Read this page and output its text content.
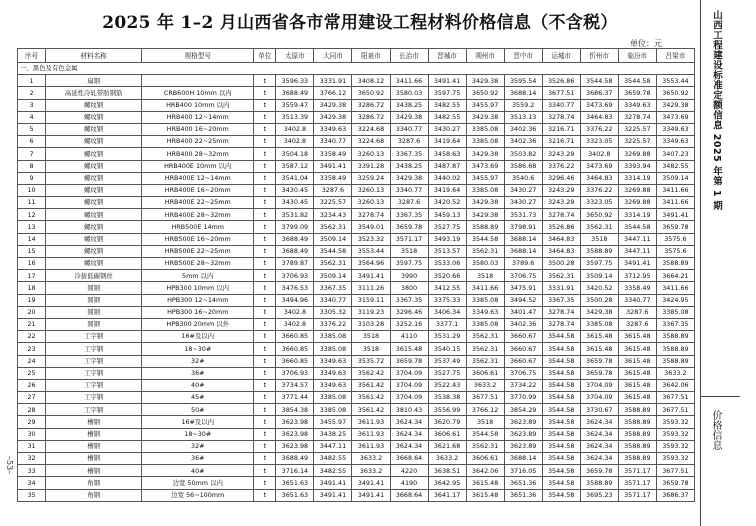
2025 年 1–2 月山西省各市常用建设工程材料价格信息（不含税）
单位：元	山西工程建设标准定额信息 2025 年第 1 期
价格信息
–53–
序号	材料名称	规格型号	单位	太原市	大同市	阳泉市	长治市	晋城市	朔州市	晋中市	运城市	忻州市	临汾市	吕梁市
一、黑色及有色金属														
1	扁钢		t	3596.33	3331.91	3408.12	3411.66	3491.41	3429.38	3595.54	3526.86	3544.58	3544.58	3553.44
2	高延性冷轧带肋钢筋	CRB600H 10mm 以内	t	3688.49	3766.12	3650.92	3580.03	3597.75	3650.92	3688.14	3677.51	3686.37	3659.78	3650.92
3	螺纹钢	HRB400 10mm 以内	t	3559.47	3429.38	3286.72	3438.25	3482.55	3455.97	3559.2	3340.77	3473.69	3349.63	3429.38
4	螺纹钢	HRB400 12~14mm	t	3513.39	3429.38	3286.72	3429.38	3482.55	3429.38	3513.13	3278.74	3464.83	3278.74	3473.69
5	螺纹钢	HRB400 16~20mm	t	3402.8	3349.63	3224.68	3340.77	3430.27	3385.08	3402.36	3216.71	3376.22	3225.57	3349.63
6	螺纹钢	HRB400 22~25mm	t	3402.8	3340.77	3224.68	3287.6	3419.64	3385.08	3402.36	3216.71	3323.05	3225.57	3349.63
7	螺纹钢	HRB400 28~32mm	t	3504.18	3358.49	3260.13	3367.35	3458.63	3429.38	3503.82	3243.29	3402.8	3269.88	3407.23
8	螺纹钢	HRB400E 10mm 以内	t	3587.12	3491.41	3391.28	3438.25	3487.87	3473.69	3586.68	3376.22	3473.69	3393.94	3482.55
9	螺纹钢	HRB400E 12~14mm	t	3541.04	3358.49	3259.24	3429.38	3440.02	3455.97	3540.6	3296.46	3464.83	3314.19	3509.14
10	螺纹钢	HRB400E 16~20mm	t	3430.45	3287.6	3260.13	3340.77	3419.64	3385.08	3430.27	3243.29	3376.22	3269.88	3411.66
11	螺纹钢	HRB400E 22~25mm	t	3430.45	3225.57	3260.13	3287.6	3420.52	3429.38	3430.27	3243.29	3323.05	3269.88	3411.66
12	螺纹钢	HRB400E 28~32mm	t	3531.82	3234.43	3278.74	3367.35	3459.13	3429.38	3531.73	3278.74	3650.92	3314.19	3491.41
13	螺纹钢	HRB500E 14mm	t	3799.09	3562.31	3549.01	3659.78	3527.75	3588.89	3798.91	3526.86	3562.31	3544.58	3659.78
14	螺纹钢	HRB500E 16~20mm	t	3688.49	3509.14	3523.32	3571.17	3493.19	3544.58	3688.14	3464.83	3518	3447.11	3575.6
15	螺纹钢	HRB500E 22~25mm	t	3688.49	3544.58	3553.44	3518	3513.57	3562.31	3688.14	3464.83	3588.89	3447.11	3575.6
16	螺纹钢	HRB500E 28~32mm	t	3789.87	3562.31	3564.96	3597.75	3533.06	3580.03	3789.6	3500.28	3597.75	3491.41	3588.89
17	冷拔低碳钢丝	5mm 以内	t	3706.93	3509.14	3491.41	3990	3520.66	3518	3706.75	3562.31	3509.14	3712.95	3664.21
18	圆钢	HPB300 10mm 以内	t	3476.53	3367.35	3111.26	3800	3412.55	3411.66	3475.91	3331.91	3420.52	3358.49	3411.66
19	圆钢	HPB300 12~14mm	t	3494.96	3340.77	3159.11	3367.35	3375.33	3385.08	3494.52	3367.35	3500.28	3340.77	3424.95
20	圆钢	HPB300 16~20mm	t	3402.8	3305.32	3119.23	3296.46	3406.34	3349.63	3401.47	3278.74	3429.38	3287.6	3385.08
21	圆钢	HPB300 20mm 以外	t	3402.8	3376.22	3103.28	3252.16	3377.1	3385.08	3402.36	3278.74	3385.08	3287.6	3367.35
22	工字钢	16#及以内	t	3660.85	3385.08	3518	4110	3531.29	3562.31	3660.67	3544.58	3615.48	3615.48	3588.89
23	工字钢	18~30#	t	3660.85	3385.08	3518	3615.48	3540.15	3562.31	3660.67	3544.58	3615.48	3615.48	3588.89
24	工字钢	32#	t	3660.85	3349.63	3535.72	3659.78	3537.49	3562.31	3660.67	3544.58	3659.78	3615.48	3588.89
25	工字钢	36#	t	3706.93	3349.63	3562.42	3704.09	3527.75	3606.61	3706.75	3544.58	3659.78	3615.48	3633.2
26	工字钢	40#	t	3734.57	3349.63	3561.42	3704.09	3522.43	3633.2	3734.22	3544.58	3704.09	3615.48	3642.06
27	工字钢	45#	t	3771.44	3385.08	3561.42	3704.09	3538.38	3677.51	3770.99	3544.58	3704.09	3615.48	3677.51
28	工字钢	50#	t	3854.38	3385.08	3561.42	3810.43	3556.99	3766.12	3854.29	3544.58	3730.67	3588.89	3677.51
29	槽钢	16#及以内	t	3623.98	3455.97	3611.93	3624.34	3620.79	3518	3623.89	3544.58	3624.34	3588.89	3593.32
30	槽钢	18~30#	t	3623.98	3438.25	3611.93	3624.34	3606.61	3544.58	3623.89	3544.58	3624.34	3588.89	3593.32
31	槽钢	32#	t	3623.98	3447.11	3611.93	3624.34	3621.68	3562.31	3623.89	3544.58	3624.34	3588.89	3593.32
32	槽钢	36#	t	3688.49	3482.55	3633.2	3668.64	3633.2	3606.61	3688.14	3544.58	3624.34	3588.89	3593.32
33	槽钢	40#	t	3716.14	3482.55	3633.2	4220	3638.51	3642.06	3716.05	3544.58	3659.78	3571.17	3677.51
34	角钢	边宽 50mm 以内	t	3651.63	3491.41	3491.41	4190	3642.95	3615.48	3651.36	3544.58	3588.89	3571.17	3659.78
35	角钢	边宽 56~100mm	t	3651.63	3491.41	3491.41	3668.64	3641.17	3615.48	3651.36	3544.58	3695.23	3571.17	3686.37
